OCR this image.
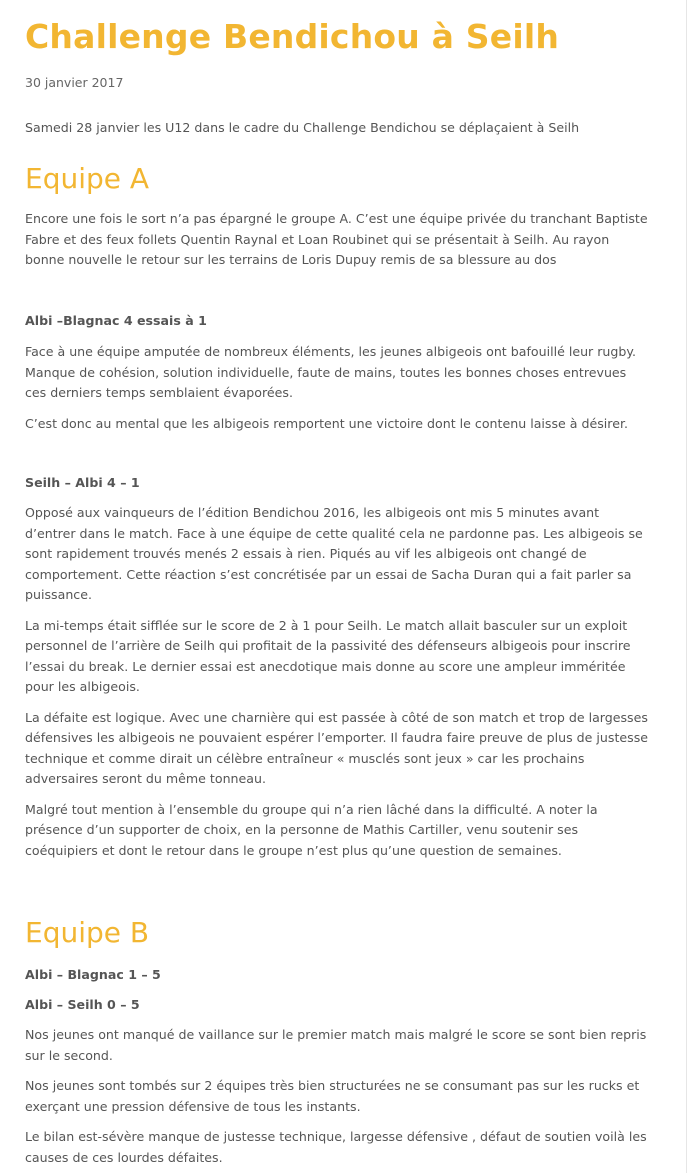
Challenge Bendichou à Seilh
30 janvier 2017

Samedi 28 janvier les U12 dans le cadre du Challenge Bendichou se déplaçaient à Seilh

Equipe A

Encore une fois le sort n’a pas épargné le groupe A. C’est une équipe privée du tranchant Baptiste Fabre et des feux follets Quentin Raynal et Loan Roubinet qui se présentait à Seilh. Au rayon bonne nouvelle le retour sur les terrains de Loris Dupuy remis de sa blessure au dos

Albi –Blagnac 4 essais à 1

Face à une équipe amputée de nombreux éléments, les jeunes albigeois ont bafouillé leur rugby. Manque de cohésion, solution individuelle, faute de mains, toutes les bonnes choses entrevues ces derniers temps semblaient évaporées.

C’est donc au mental que les albigeois remportent une victoire dont le contenu laisse à désirer.

Seilh – Albi 4 – 1

Opposé aux vainqueurs de l’édition Bendichou 2016, les albigeois ont mis 5 minutes avant d’entrer dans le match. Face à une équipe de cette qualité cela ne pardonne pas. Les albigeois se sont rapidement trouvés menés 2 essais à rien. Piqués au vif les albigeois ont changé de comportement. Cette réaction s’est concrétisée par un essai de Sacha Duran qui a fait parler sa puissance.

La mi-temps était sifflée sur le score de 2 à 1 pour Seilh. Le match allait basculer sur un exploit personnel de l’arrière de Seilh qui profitait de la passivité des défenseurs albigeois pour inscrire l’essai du break. Le dernier essai est anecdotique mais donne au score une ampleur imméritée pour les albigeois.

La défaite est logique. Avec une charnière qui est passée à côté de son match et trop de largesses défensives les albigeois ne pouvaient espérer l’emporter. Il faudra faire preuve de plus de justesse technique et comme dirait un célèbre entraîneur « musclés sont jeux » car les prochains adversaires seront du même tonneau.

Malgré tout mention à l’ensemble du groupe qui n’a rien lâché dans la difficulté. A noter la présence d’un supporter de choix, en la personne de Mathis Cartiller, venu soutenir ses coéquipiers et dont le retour dans le groupe n’est plus qu’une question de semaines.

Equipe B
Albi – Blagnac 1 – 5
Albi – Seilh 0 – 5

Nos jeunes ont manqué de vaillance sur le premier match mais malgré le score se sont bien repris sur le second.

Nos jeunes sont tombés sur 2 équipes très bien structurées ne se consumant pas sur les rucks et exerçant une pression défensive de tous les instants.

Le bilan est-sévère manque de justesse technique, largesse défensive , défaut de soutien voilà les causes de ces lourdes défaites.
